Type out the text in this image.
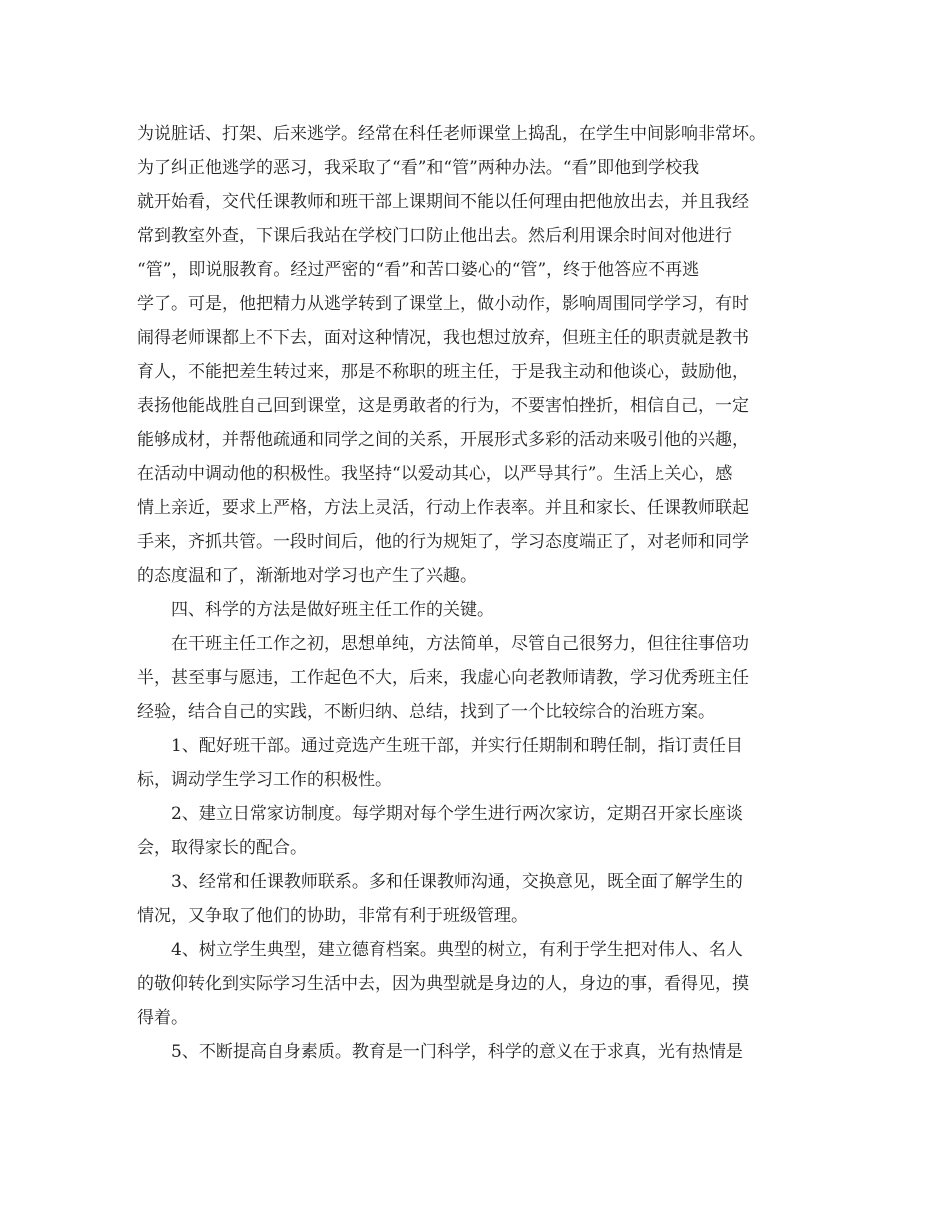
为说脏话、打架、后来逃学。经常在科任老师课堂上捣乱，在学生中间影响非常坏。
为了纠正他逃学的恶习，我采取了“看”和“管”两种办法。“看”即他到学校我
就开始看，交代任课教师和班干部上课期间不能以任何理由把他放出去，并且我经
常到教室外查，下课后我站在学校门口防止他出去。然后利用课余时间对他进行
“管”，即说服教育。经过严密的“看”和苦口婆心的“管”，终于他答应不再逃
学了。可是，他把精力从逃学转到了课堂上，做小动作，影响周围同学学习，有时
闹得老师课都上不下去，面对这种情况，我也想过放弃，但班主任的职责就是教书
育人，不能把差生转过来，那是不称职的班主任，于是我主动和他谈心，鼓励他，
表扬他能战胜自己回到课堂，这是勇敢者的行为，不要害怕挫折，相信自己，一定
能够成材，并帮他疏通和同学之间的关系，开展形式多彩的活动来吸引他的兴趣，
在活动中调动他的积极性。我坚持“以爱动其心，以严导其行”。生活上关心，感
情上亲近，要求上严格，方法上灵活，行动上作表率。并且和家长、任课教师联起
手来，齐抓共管。一段时间后，他的行为规矩了，学习态度端正了，对老师和同学
的态度温和了，渐渐地对学习也产生了兴趣。
四、科学的方法是做好班主任工作的关键。
在干班主任工作之初，思想单纯，方法简单，尽管自己很努力，但往往事倍功
半，甚至事与愿违，工作起色不大，后来，我虚心向老教师请教，学习优秀班主任
经验，结合自己的实践，不断归纳、总结，找到了一个比较综合的治班方案。
1、配好班干部。通过竞选产生班干部，并实行任期制和聘任制，指订责任目
标，调动学生学习工作的积极性。
2、建立日常家访制度。每学期对每个学生进行两次家访，定期召开家长座谈
会，取得家长的配合。
3、经常和任课教师联系。多和任课教师沟通，交换意见，既全面了解学生的
情况，又争取了他们的协助，非常有利于班级管理。
4、树立学生典型，建立德育档案。典型的树立，有利于学生把对伟人、名人
的敬仰转化到实际学习生活中去，因为典型就是身边的人，身边的事，看得见，摸
得着。
5、不断提高自身素质。教育是一门科学，科学的意义在于求真，光有热情是
